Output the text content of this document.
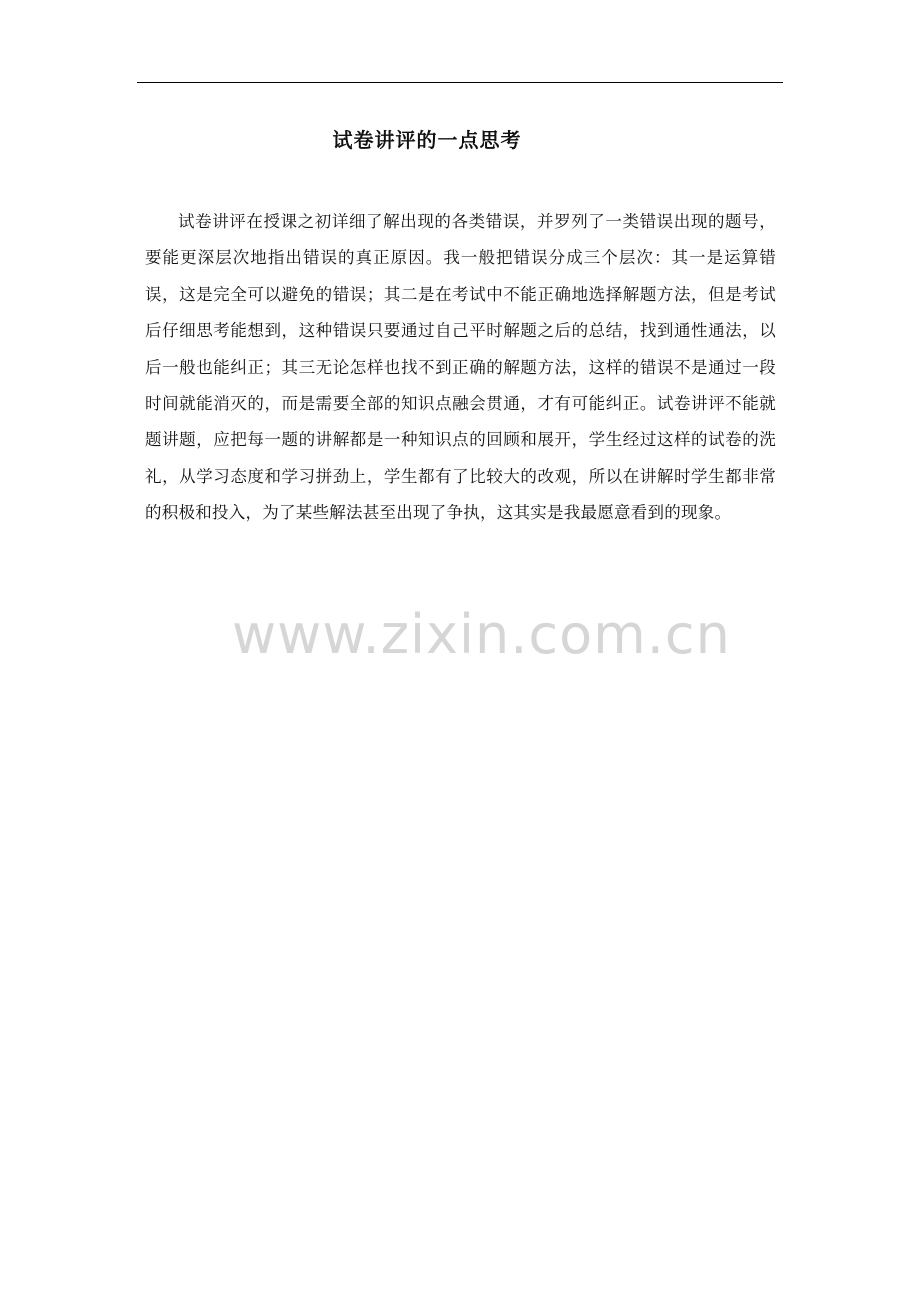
试卷讲评的一点思考

试卷讲评在授课之初详细了解出现的各类错误，并罗列了一类错误出现的题号，要能更深层次地指出错误的真正原因。我一般把错误分成三个层次：其一是运算错误，这是完全可以避免的错误；其二是在考试中不能正确地选择解题方法，但是考试后仔细思考能想到，这种错误只要通过自己平时解题之后的总结，找到通性通法，以后一般也能纠正；其三无论怎样也找不到正确的解题方法，这样的错误不是通过一段时间就能消灭的，而是需要全部的知识点融会贯通，才有可能纠正。试卷讲评不能就题讲题，应把每一题的讲解都是一种知识点的回顾和展开，学生经过这样的试卷的洗礼，从学习态度和学习拼劲上，学生都有了比较大的改观，所以在讲解时学生都非常的积极和投入，为了某些解法甚至出现了争执，这其实是我最愿意看到的现象。

www.zixin.com.cn
